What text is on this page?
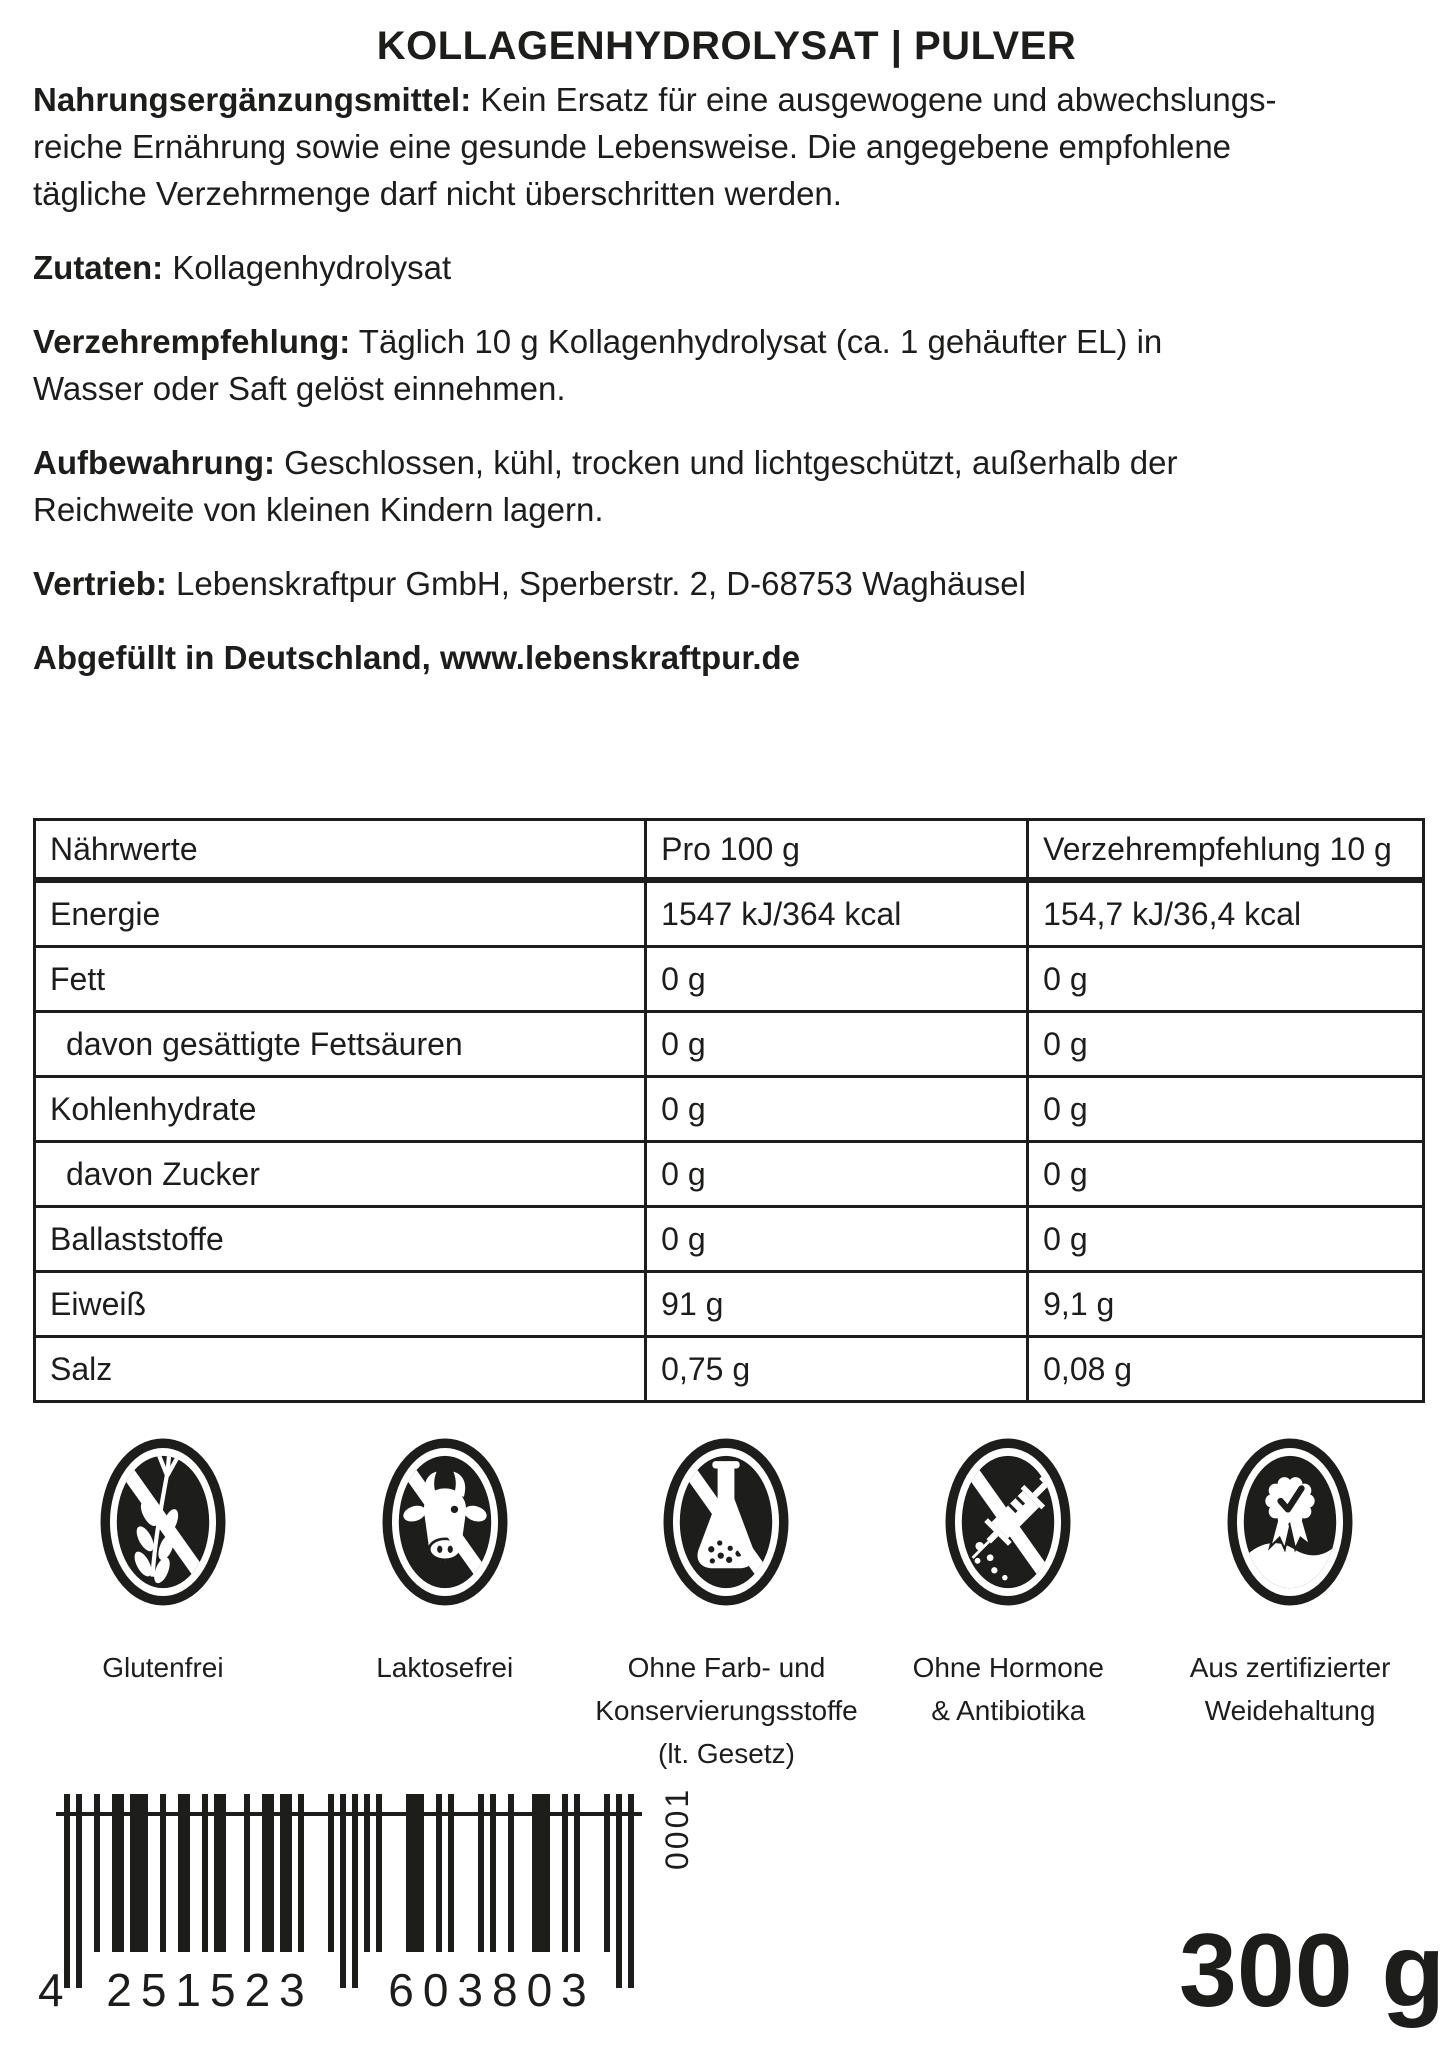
KOLLAGENHYDROLYSAT | PULVER
Nahrungsergänzungsmittel: Kein Ersatz für eine ausgewogene und abwechslungs-
reiche Ernährung sowie eine gesunde Lebensweise. Die angegebene empfohlene
tägliche Verzehrmenge darf nicht überschritten werden.
Zutaten: Kollagenhydrolysat
Verzehrempfehlung: Täglich 10 g Kollagenhydrolysat (ca. 1 gehäufter EL) in
Wasser oder Saft gelöst einnehmen.
Aufbewahrung: Geschlossen, kühl, trocken und lichtgeschützt, außerhalb der
Reichweite von kleinen Kindern lagern.
Vertrieb: Lebenskraftpur GmbH, Sperberstr. 2, D-68753 Waghäusel
Abgefüllt in Deutschland, www.lebenskraftpur.de
Nährwerte	Pro 100 g	Verzehrempfehlung 10 g
Energie	1547 kJ/364 kcal	154,7 kJ/36,4 kcal
Fett	0 g	0 g
davon gesättigte Fettsäuren	0 g	0 g
Kohlenhydrate	0 g	0 g
davon Zucker	0 g	0 g
Ballaststoffe	0 g	0 g
Eiweiß	91 g	9,1 g
Salz	0,75 g	0,08 g
Glutenfrei	Laktosefrei	Ohne Farb- und
Konservierungsstoffe
(lt. Gesetz)
Ohne Hormone
& Antibiotika
Aus zertifizierter
Weidehaltung
4 251523 603803
0001
300 g
